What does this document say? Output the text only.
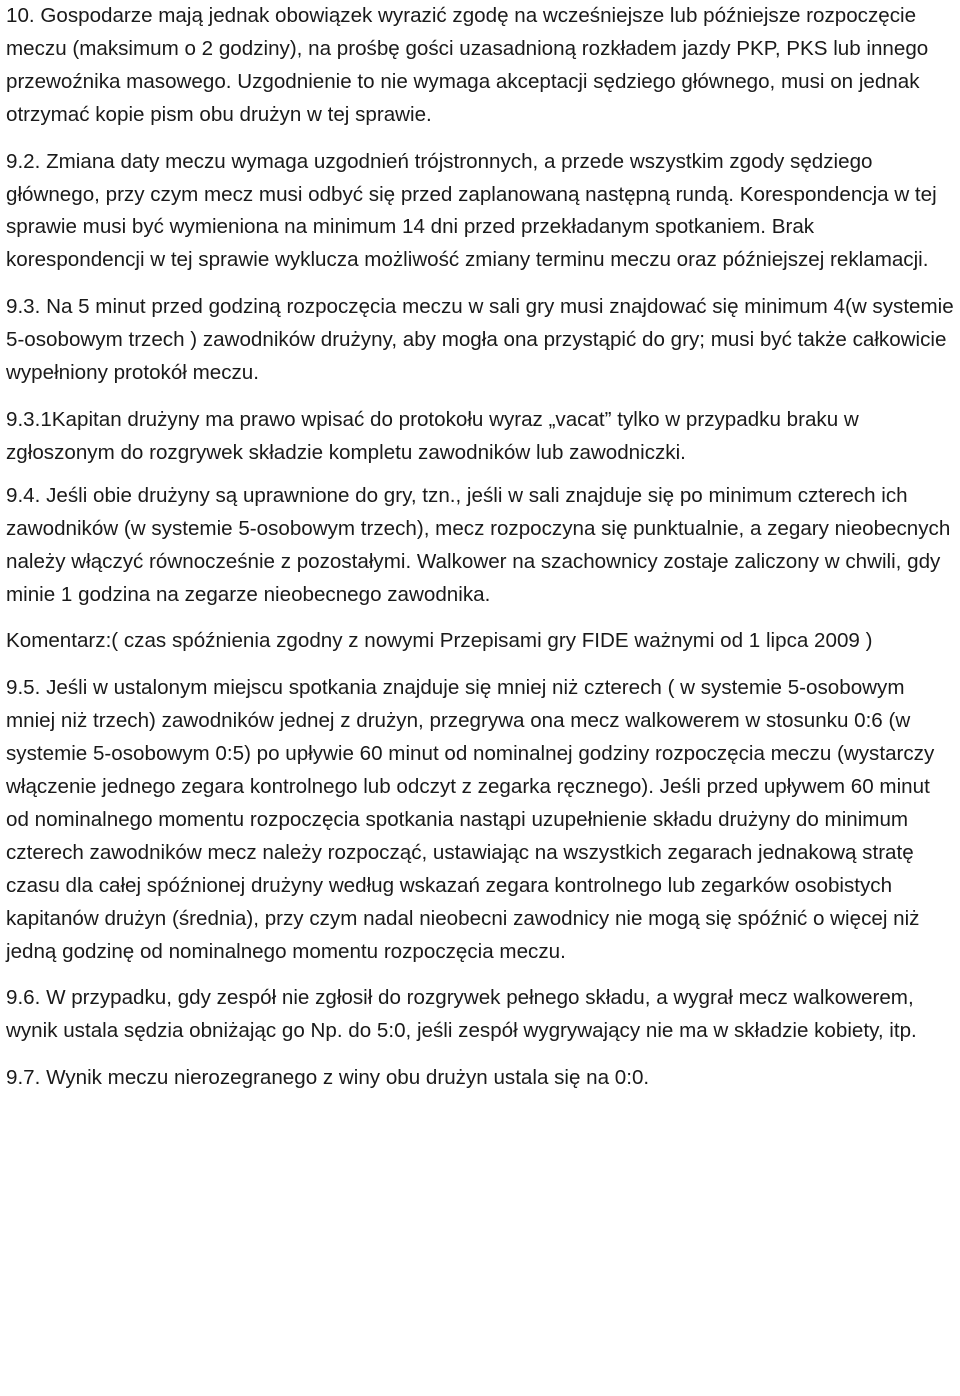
10. Gospodarze mają jednak obowiązek wyrazić zgodę na wcześniejsze lub późniejsze rozpoczęcie meczu (maksimum o 2 godziny), na prośbę gości uzasadnioną rozkładem jazdy PKP, PKS lub innego przewoźnika masowego. Uzgodnienie to nie wymaga akceptacji sędziego głównego, musi on jednak otrzymać kopie pism obu drużyn w tej sprawie.

9.2. Zmiana daty meczu wymaga uzgodnień trójstronnych, a przede wszystkim zgody sędziego głównego, przy czym mecz musi odbyć się przed zaplanowaną następną rundą. Korespondencja w tej sprawie musi być wymieniona na minimum 14 dni przed przekładanym spotkaniem. Brak korespondencji w tej sprawie wyklucza możliwość zmiany terminu meczu oraz późniejszej reklamacji.

9.3. Na 5 minut przed godziną rozpoczęcia meczu w sali gry musi znajdować się minimum 4(w systemie 5-osobowym trzech ) zawodników drużyny, aby mogła ona przystąpić do gry; musi być także całkowicie wypełniony protokół meczu.

9.3.1Kapitan drużyny ma prawo wpisać do protokołu wyraz „vacat” tylko w przypadku braku w zgłoszonym do rozgrywek składzie kompletu zawodników lub zawodniczki.

9.4. Jeśli obie drużyny są uprawnione do gry, tzn., jeśli w sali znajduje się po minimum czterech ich zawodników (w systemie 5-osobowym trzech), mecz rozpoczyna się punktualnie, a zegary nieobecnych należy włączyć równocześnie z pozostałymi. Walkower na szachownicy zostaje zaliczony w chwili, gdy minie 1 godzina na zegarze nieobecnego zawodnika.

Komentarz:( czas spóźnienia zgodny z nowymi Przepisami gry FIDE ważnymi od 1 lipca 2009 )

9.5. Jeśli w ustalonym miejscu spotkania znajduje się mniej niż czterech ( w systemie 5-osobowym mniej niż trzech) zawodników jednej z drużyn, przegrywa ona mecz walkowerem w stosunku 0:6 (w systemie 5-osobowym 0:5) po upływie 60 minut od nominalnej godziny rozpoczęcia meczu (wystarczy włączenie jednego zegara kontrolnego lub odczyt z zegarka ręcznego). Jeśli przed upływem 60 minut od nominalnego momentu rozpoczęcia spotkania nastąpi uzupełnienie składu drużyny do minimum czterech zawodników mecz należy rozpocząć, ustawiając na wszystkich zegarach jednakową stratę czasu dla całej spóźnionej drużyny według wskazań zegara kontrolnego lub zegarków osobistych kapitanów drużyn (średnia), przy czym nadal nieobecni zawodnicy nie mogą się spóźnić o więcej niż jedną godzinę od nominalnego momentu rozpoczęcia meczu.

9.6. W przypadku, gdy zespół nie zgłosił do rozgrywek pełnego składu, a wygrał mecz walkowerem, wynik ustala sędzia obniżając go Np. do 5:0, jeśli zespół wygrywający nie ma w składzie kobiety, itp.

9.7. Wynik meczu nierozegranego z winy obu drużyn ustala się na 0:0.
